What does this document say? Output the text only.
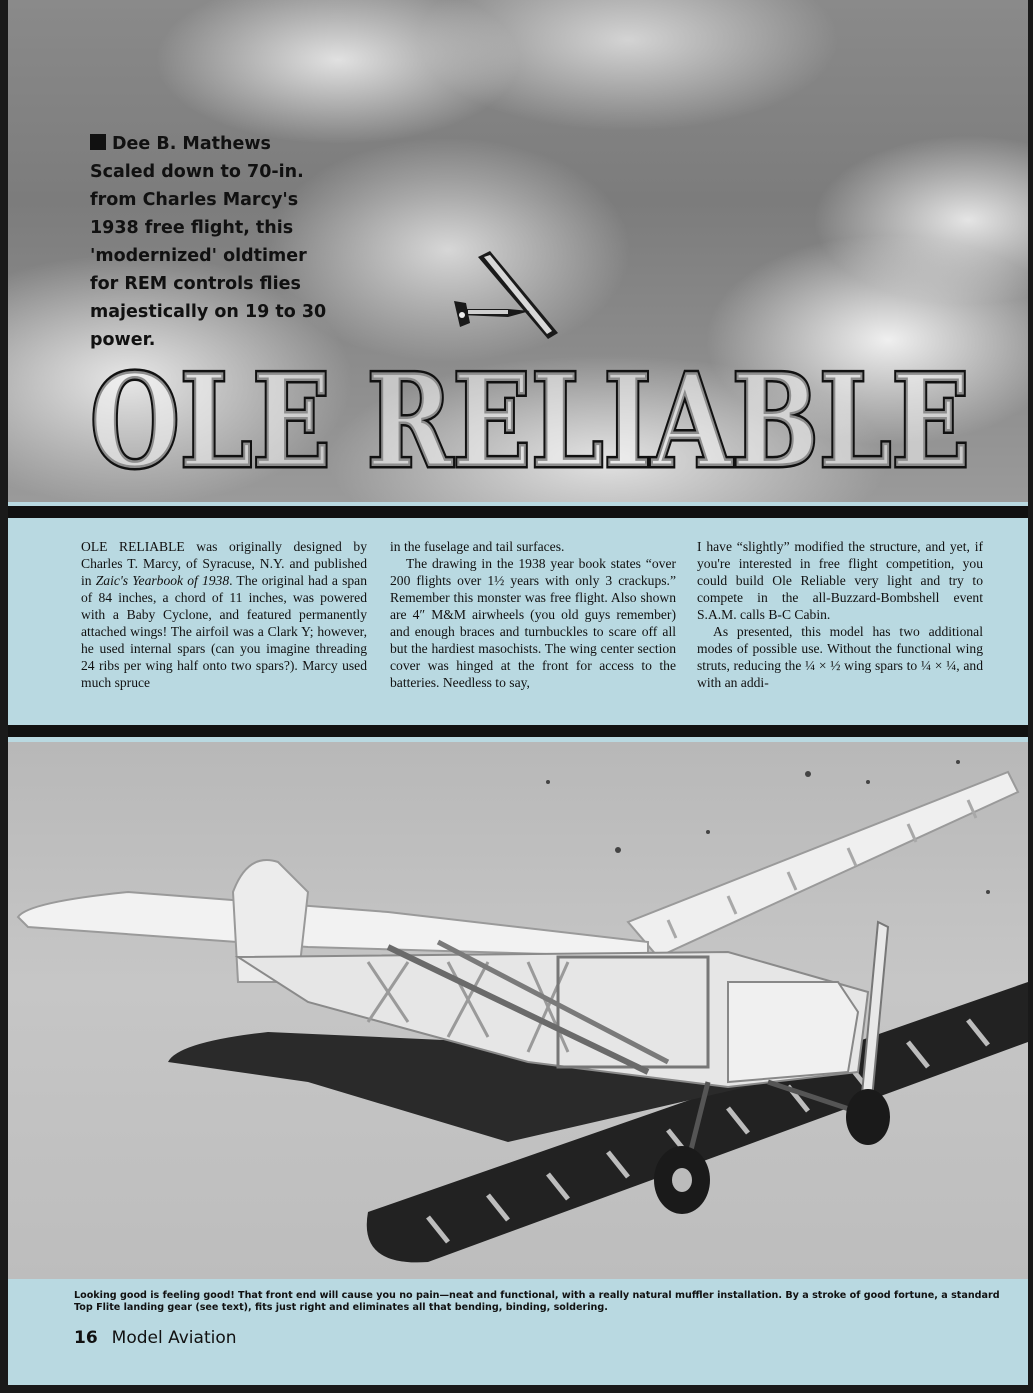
Dee B. Mathews
Scaled down to 70-in. from Charles Marcy's 1938 free flight, this 'modernized' oldtimer for REM controls flies majestically on 19 to 30 power.
OLE RELIABLE

OLE RELIABLE was originally designed by Charles T. Marcy, of Syracuse, N.Y. and published in Zaic's Yearbook of 1938. The original had a span of 84 inches, a chord of 11 inches, was powered with a Baby Cyclone, and featured permanently attached wings! The airfoil was a Clark Y; however, he used internal spars (can you imagine threading 24 ribs per wing half onto two spars?). Marcy used much spruce

in the fuselage and tail surfaces.

The drawing in the 1938 year book states “over 200 flights over 1½ years with only 3 crackups.” Remember this monster was free flight. Also shown are 4″ M&M airwheels (you old guys remember) and enough braces and turnbuckles to scare off all but the hardiest masochists. The wing center section cover was hinged at the front for access to the batteries. Needless to say,

I have “slightly” modified the structure, and yet, if you're interested in free flight competition, you could build Ole Reliable very light and try to compete in the all-Buzzard-Bombshell event S.A.M. calls B-C Cabin.

As presented, this model has two additional modes of possible use. Without the functional wing struts, reducing the ¼ × ½ wing spars to ¼ × ¼, and with an addi-

Looking good is feeling good! That front end will cause you no pain—neat and functional, with a really natural muffler installation. By a stroke of good fortune, a standard Top Flite landing gear (see text), fits just right and eliminates all that bending, binding, soldering.
16 Model Aviation
